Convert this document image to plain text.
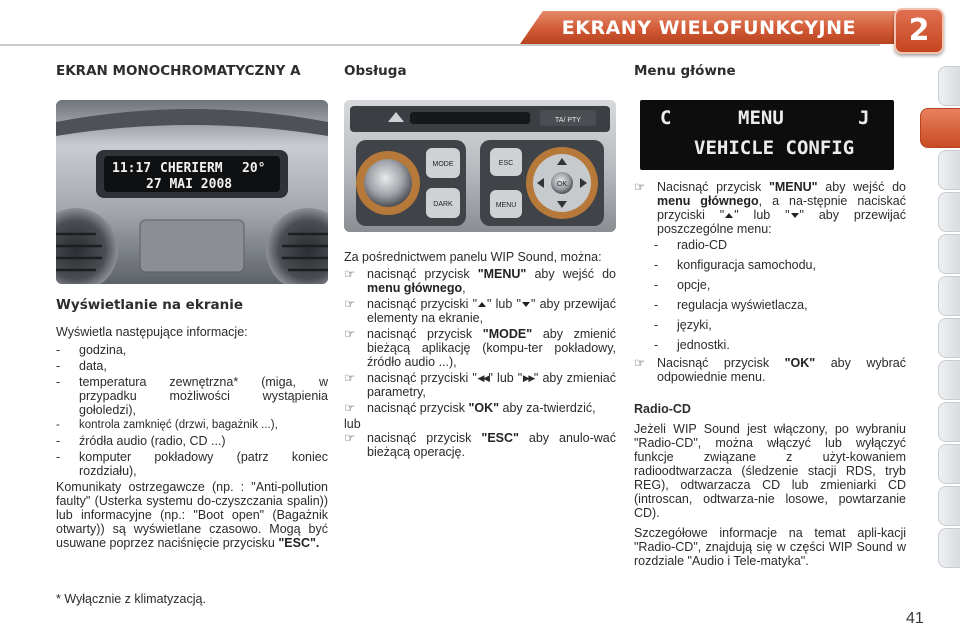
EKRANY WIELOFUNKCYJNE	2
EKRAN MONOCHROMATYCZNY A
11:17 CHERIERM 20°
27 MAI 2008
Wyświetlanie na ekranie
Wyświetla następujące informacje:
- godzina,
- data,
- temperatura zewnętrzna* (miga, w przypadku możliwości wystąpienia gołoledzi),
- kontrola zamknięć (drzwi, bagażnik ...),
- źródła audio (radio, CD ...)
- komputer pokładowy (patrz koniec rozdziału),
Komunikaty ostrzegawcze (np. : "Anti-pollution faulty" (Usterka systemu do-czyszczania spalin)) lub informacyjne (np.: "Boot open" (Bagażnik otwarty)) są wyświetlane czasowo. Mogą być usuwane poprzez naciśnięcie przycisku "ESC".
* Wyłącznie z klimatyzacją.
Obsługa
TA/ PTY
MODE
DARK
OK
ESC
MENU
Za pośrednictwem panelu WIP Sound, można:
☞ nacisnąć przycisk "MENU" aby wejść do menu głównego,
☞ nacisnąć przyciski " " lub " " aby przewijać elementy na ekranie,
☞ nacisnąć przycisk "MODE" aby zmienić bieżącą aplikację (kompu-ter pokładowy, źródło audio ...),
☞ nacisnąć przyciski "◀◀" lub "▶▶" aby zmieniać parametry,
☞ nacisnąć przycisk "OK" aby za-twierdzić,
lub
☞ nacisnąć przycisk "ESC" aby anulo-wać bieżącą operację.
Menu główne
C	MENU	J
VEHICLE CONFIG
☞ Nacisnąć przycisk "MENU" aby wejść do menu głównego, a na-stępnie naciskać przyciski " " lub " " aby przewijać poszczególne menu:
- radio-CD
- konfiguracja samochodu,
- opcje,
- regulacja wyświetlacza,
- języki,
- jednostki.
☞ Nacisnąć przycisk "OK" aby wybrać odpowiednie menu.
Radio-CD
Jeżeli WIP Sound jest włączony, po wybraniu "Radio-CD", można włączyć lub wyłączyć funkcje związane z użyt-kowaniem radioodtwarzacza (śledzenie stacji RDS, tryb REG), odtwarzacza CD lub zmieniarki CD (introscan, odtwarza-nie losowe, powtarzanie CD).
Szczegółowe informacje na temat apli-kacji "Radio-CD", znajdują się w części WIP Sound w rozdziale "Audio i Tele-matyka".
41
